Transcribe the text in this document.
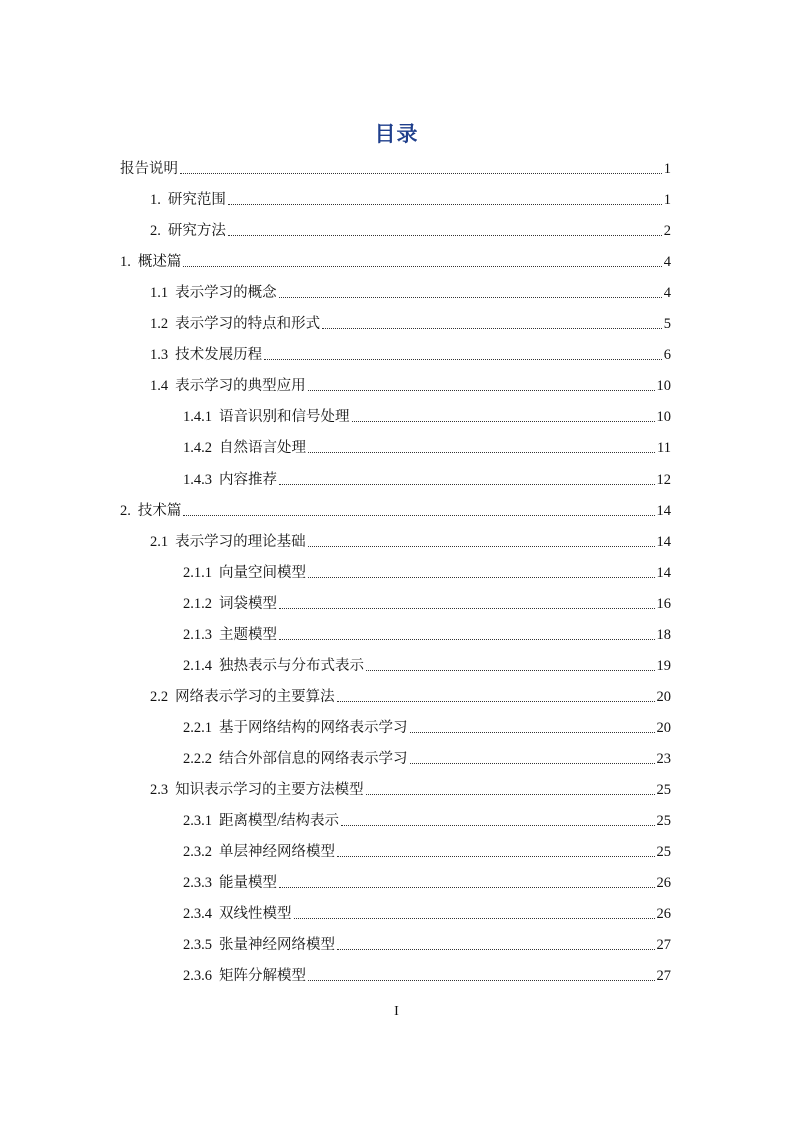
目录
报告说明	1
1. 研究范围	1
2. 研究方法	2
1. 概述篇	4
1.1 表示学习的概念	4
1.2 表示学习的特点和形式	5
1.3 技术发展历程	6
1.4 表示学习的典型应用	10
1.4.1 语音识别和信号处理	10
1.4.2 自然语言处理	11
1.4.3 内容推荐	12
2. 技术篇	14
2.1 表示学习的理论基础	14
2.1.1 向量空间模型	14
2.1.2 词袋模型	16
2.1.3 主题模型	18
2.1.4 独热表示与分布式表示	19
2.2 网络表示学习的主要算法	20
2.2.1 基于网络结构的网络表示学习	20
2.2.2 结合外部信息的网络表示学习	23
2.3 知识表示学习的主要方法模型	25
2.3.1 距离模型/结构表示	25
2.3.2 单层神经网络模型	25
2.3.3 能量模型	26
2.3.4 双线性模型	26
2.3.5 张量神经网络模型	27
2.3.6 矩阵分解模型	27
I
